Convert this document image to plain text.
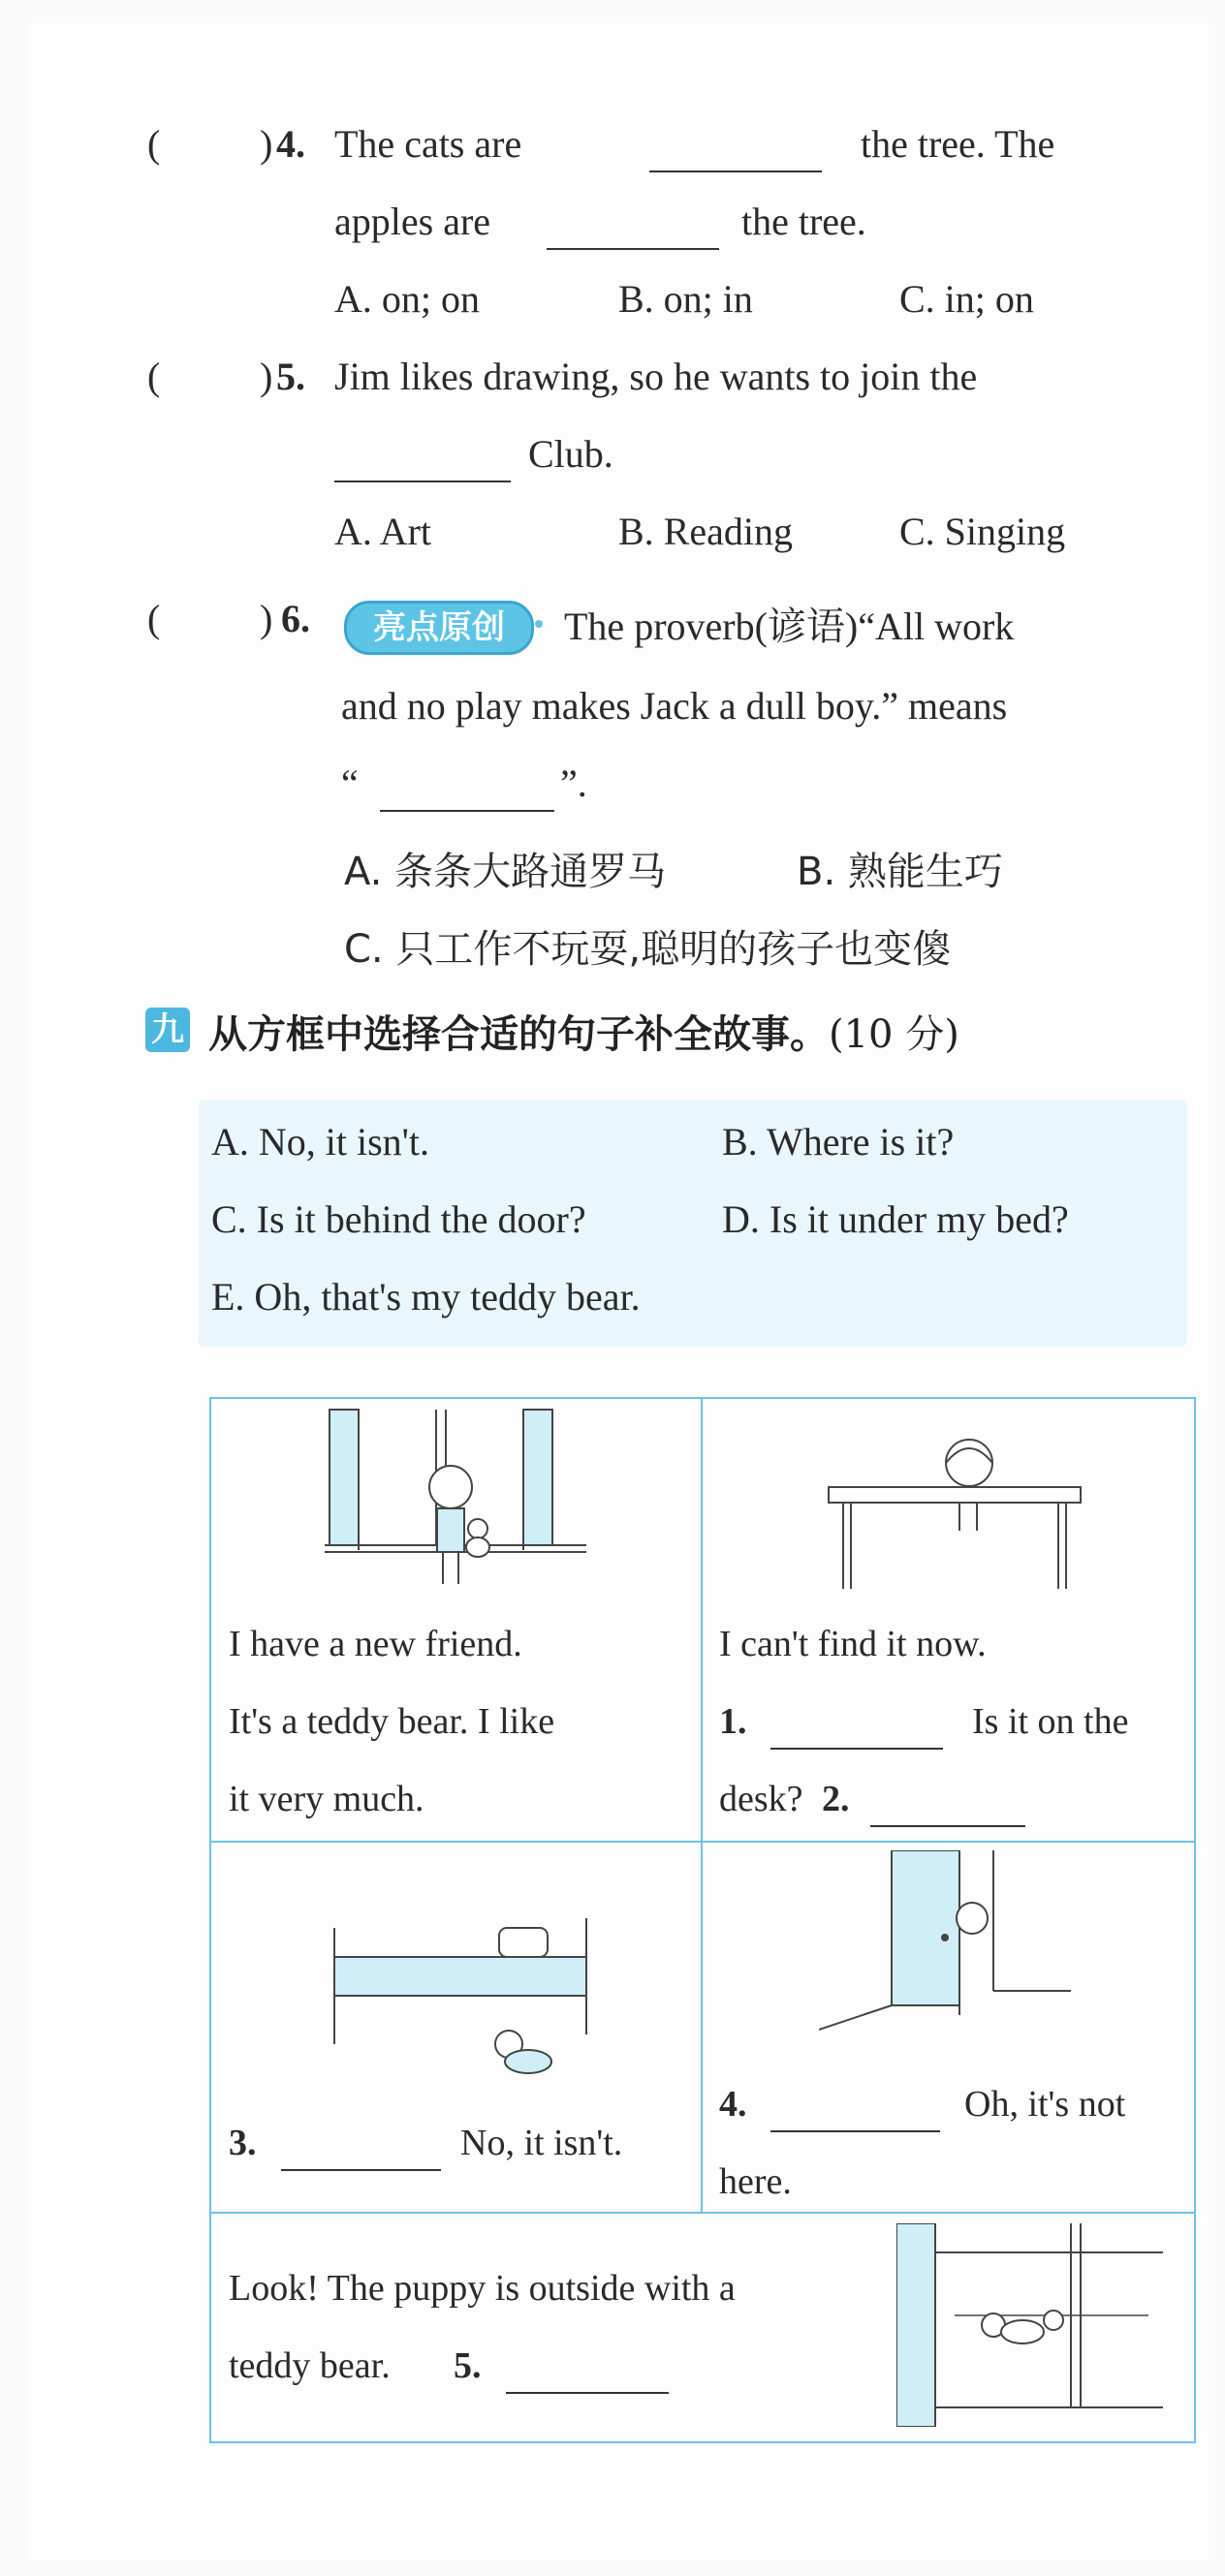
(	) 4. The cats are	the tree. The
apples are	the tree.
A. on; on	B. on; in	C. in; on
(	) 5. Jim likes drawing, so he wants to join the
Club.
A. Art	B. Reading	C. Singing
(	) 6.	亮点原创	The proverb(谚语)“All work
and no play makes Jack a dull boy.” means
“	”.
A. 条条大路通罗马	B. 熟能生巧
C. 只工作不玩耍,聪明的孩子也变傻
九 从方框中选择合适的句子补全故事。(10 分)
A. No, it isn't.	B. Where is it?
C. Is it behind the door?	D. Is it under my bed?
E. Oh, that's my teddy bear.
I have a new friend.
It's a teddy bear. I like
it very much.
I can't find it now.
1.	Is it on the
desk? 2.
3.	No, it isn't.
4.	Oh, it's not
here.
Look! The puppy is outside with a
teddy bear. 5.
